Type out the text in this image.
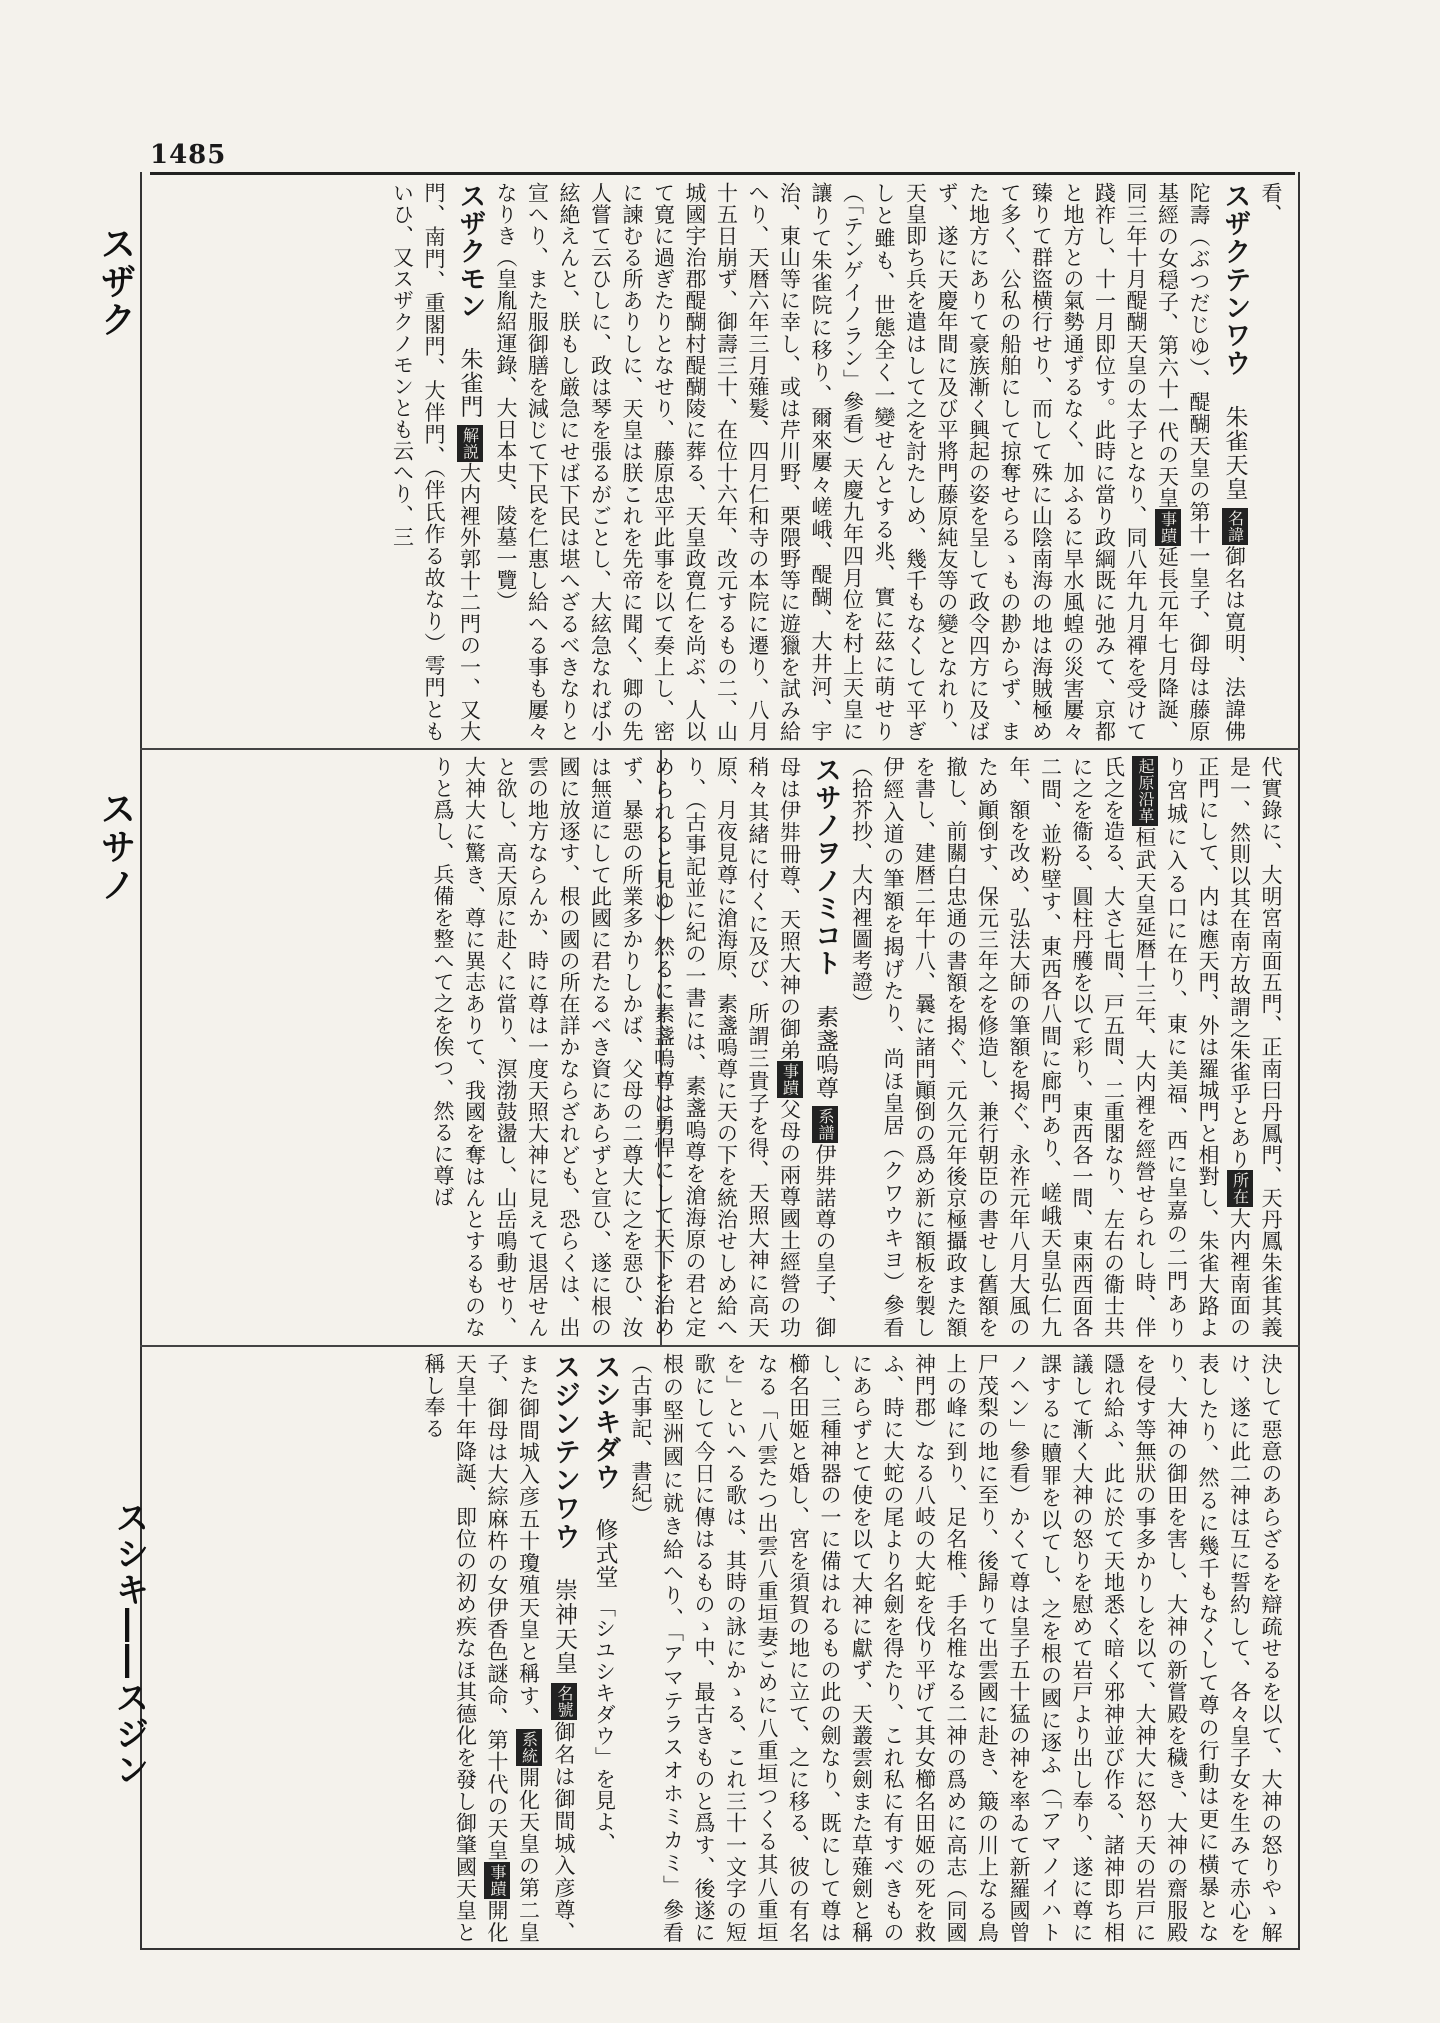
1485
スザク
スサノ
スシキ――スジン
看、
スザクテンワウ朱雀天皇 名諱御名は寛明、法諱佛陀壽（ぶつだじゆ）、醍醐天皇の第十一皇子、御母は藤原基經の女穏子、第六十一代の天皇事蹟延長元年七月降誕、同三年十月醍醐天皇の太子となり、同八年九月禪を受けて踐祚し、十一月即位す。此時に當り政綱既に弛みて、京都と地方との氣勢通ずるなく、加ふるに旱水風蝗の災害屢々臻りて群盜横行せり、而して殊に山陰南海の地は海賊極めて多く、公私の船舶にして掠奪せらるゝもの尠からず、また地方にありて豪族漸く興起の姿を呈して政令四方に及ばず、遂に天慶年間に及び平將門藤原純友等の變となれり、天皇即ち兵を遣はして之を討たしめ、幾千もなくして平ぎしと雖も、世態全く一變せんとする兆、實に茲に萌せり（「テンゲイノラン」參看）天慶九年四月位を村上天皇に讓りて朱雀院に移り、爾來屢々嵯峨、醍醐、大井河、宇治、東山等に幸し、或は芹川野、栗隈野等に遊獵を試み給へり、天暦六年三月薙髮、四月仁和寺の本院に遷り、八月十五日崩ず、御壽三十、在位十六年、改元するもの二、山城國宇治郡醍醐村醍醐陵に葬る、天皇政寛仁を尚ぶ、人以て寛に過ぎたりとなせり、藤原忠平此事を以て奏上し、密に諫むる所ありしに、天皇は朕これを先帝に聞く、卿の先人嘗て云ひしに、政は琴を張るがごとし、大絃急なれば小絃絶えんと、朕もし厳急にせば下民は堪へざるべきなりと宣へり、また服御膳を減じて下民を仁惠し給へる事も屢々なりき（皇胤紹運錄、大日本史、陵墓一覽）
スザクモン朱雀門 解説大内裡外郭十二門の一、又大門、南門、重閣門、大伴門、（伴氏作る故なり）雩門ともいひ、又スザクノモンとも云へり、三
代實錄に、大明宮南面五門、正南曰丹鳳門、天丹鳳朱雀其義是一、然則以其在南方故謂之朱雀乎とあり所在大内裡南面の正門にして、内は應天門、外は羅城門と相對し、朱雀大路より宮城に入る口に在り、東に美福、西に皇嘉の二門あり起原沿革桓武天皇延暦十三年、大内裡を經營せられし時、伴氏之を造る、大さ七間、戸五間、二重閣なり、左右の衞士共に之を衞る、圓柱丹雘を以て彩り、東西各一間、東兩西面各二間、並粉壁す、東西各八間に廊門あり、嵯峨天皇弘仁九年、額を改め、弘法大師の筆額を揭ぐ、永祚元年八月大風のため顚倒す、保元三年之を修造し、兼行朝臣の書せし舊額を撤し、前關白忠通の書額を揭ぐ、元久元年後京極攝政また額を書し、建暦二年十八、曩に諸門顚倒の爲め新に額板を製し伊經入道の筆額を揭げたり、尚ほ皇居（クワウキヨ）參看（拾芥抄、大内裡圖考證）
スサノヲノミコト素盞嗚尊 系譜伊弉諾尊の皇子、御母は伊弉冊尊、天照大神の御弟事蹟父母の兩尊國土經營の功稍々其緒に付くに及び、所謂三貴子を得、天照大神に高天原、月夜見尊に滄海原、素盞嗚尊に天の下を統治せしめ給へり、（古事記並に紀の一書には、素盞嗚尊を滄海原の君と定められると見ゆ）然るに素盞嗚尊は勇悍にして天下を治めず、暴惡の所業多かりしかば、父母の二尊大に之を惡ひ、汝は無道にして此國に君たるべき資にあらずと宣ひ、遂に根の國に放逐す、根の國の所在詳かならざれども、恐らくは、出雲の地方ならんか、時に尊は一度天照大神に見えて退居せんと欲し、高天原に赴くに當り、溟渤鼓盪し、山岳鳴動せり、大神大に驚き、尊に異志ありて、我國を奪はんとするものなりと爲し、兵備を整へて之を俟つ、然るに尊ば
決して惡意のあらざるを辯疏せるを以て、大神の怒りやゝ解け、遂に此二神は互に誓約して、各々皇子女を生みて赤心を表したり、然るに幾千もなくして尊の行動は更に橫暴となり、大神の御田を害し、大神の新嘗殿を穢き、大神の齋服殿を侵す等無狀の事多かりしを以て、大神大に怒り天の岩戸に隱れ給ふ、此に於て天地悉く暗く邪神並び作る、諸神即ち相議して漸く大神の怒りを慰めて岩戸より出し奉り、遂に尊に課するに贖罪を以てし、之を根の國に逐ふ（「アマノイハトノヘン」參看）かくて尊は皇子五十猛の神を率ゐて新羅國曾尸茂梨の地に至り、後歸りて出雲國に赴き、簸の川上なる鳥上の峰に到り、足名椎、手名椎なる二神の爲めに高志（同國神門郡）なる八岐の大蛇を伐り平げて其女櫛名田姬の死を救ふ、時に大蛇の尾より名劍を得たり、これ私に有すべきものにあらずとて使を以て大神に獻ず、天叢雲劍また草薙劍と稱し、三種神器の一に備はれるもの此の劍なり、既にして尊は櫛名田姬と婚し、宮を須賀の地に立て、之に移る、彼の有名なる「八雲たつ出雲八重垣妻ごめに八重垣つくる其八重垣を」といへる歌は、其時の詠にかゝる、これ三十一文字の短歌にして今日に傳はるものゝ中、最古きものと爲す、後遂に根の堅洲國に就き給へり、「アマテラスオホミカミ」參看（古事記、書紀）
スシキダウ修式堂 「シユシキダウ」を見よ、
スジンテンワウ崇神天皇 名號御名は御間城入彦尊、また御間城入彦五十瓊殖天皇と稱す、系統開化天皇の第二皇子、御母は大綜麻杵の女伊香色謎命、第十代の天皇事蹟開化天皇十年降誕、即位の初め疾なほ其德化を發し御肇國天皇と稱し奉る
